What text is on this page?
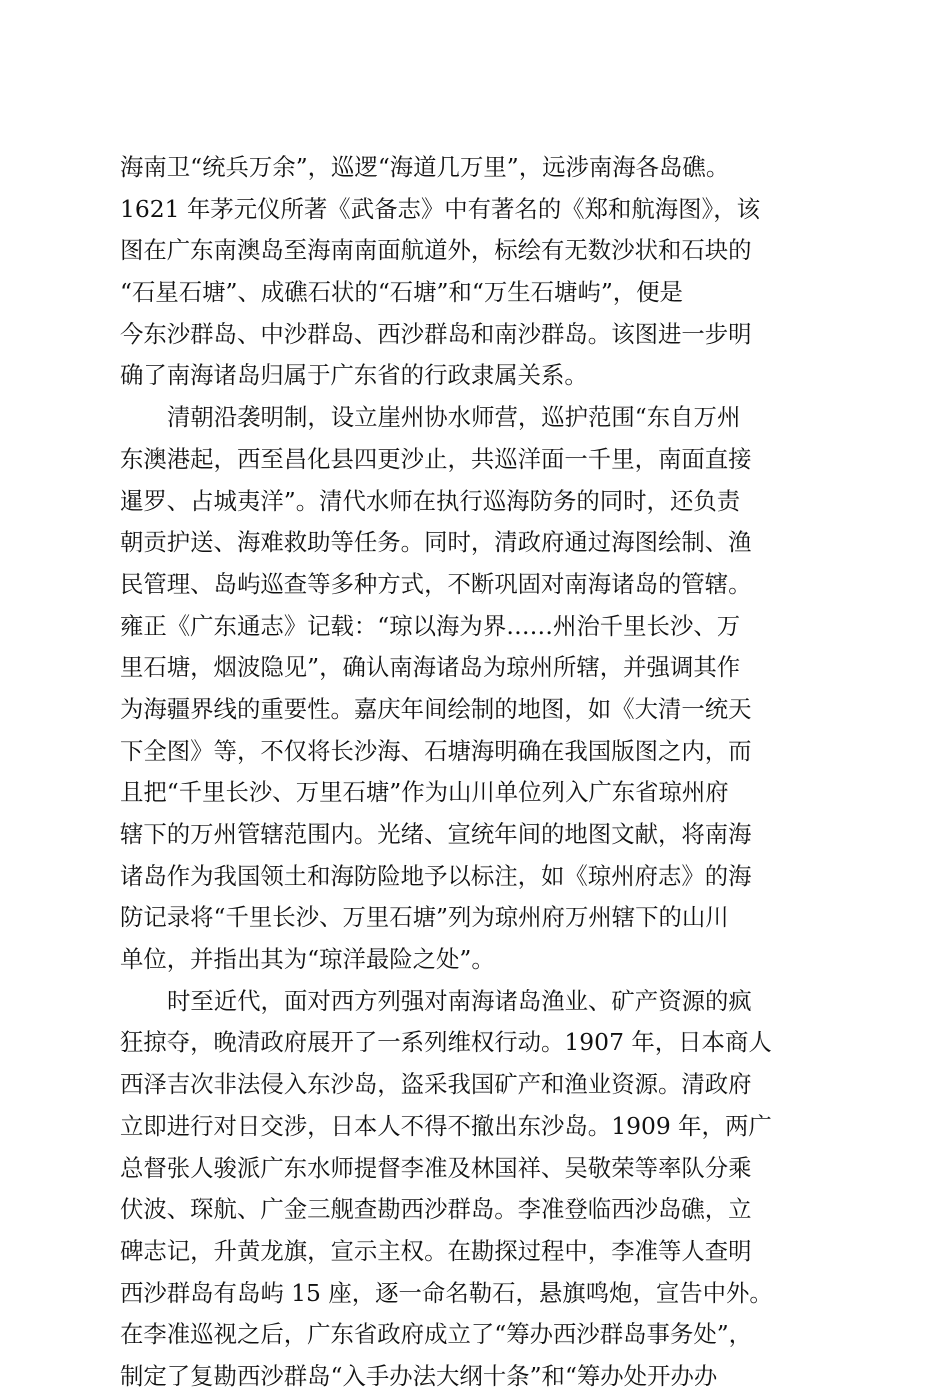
海南卫“统兵万余”，巡逻“海道几万里”，远涉南海各岛礁。
1621 年茅元仪所著《武备志》中有著名的《郑和航海图》，该
图在广东南澳岛至海南南面航道外，标绘有无数沙状和石块的
“石星石塘”、成礁石状的“石塘”和“万生石塘屿”，便是
今东沙群岛、中沙群岛、西沙群岛和南沙群岛。该图进一步明
确了南海诸岛归属于广东省的行政隶属关系。
清朝沿袭明制，设立崖州协水师营，巡护范围“东自万州
东澳港起，西至昌化县四更沙止，共巡洋面一千里，南面直接
暹罗、占城夷洋”。清代水师在执行巡海防务的同时，还负责
朝贡护送、海难救助等任务。同时，清政府通过海图绘制、渔
民管理、岛屿巡查等多种方式，不断巩固对南海诸岛的管辖。
雍正《广东通志》记载：“琼以海为界……州治千里长沙、万
里石塘，烟波隐见”，确认南海诸岛为琼州所辖，并强调其作
为海疆界线的重要性。嘉庆年间绘制的地图，如《大清一统天
下全图》等，不仅将长沙海、石塘海明确在我国版图之内，而
且把“千里长沙、万里石塘”作为山川单位列入广东省琼州府
辖下的万州管辖范围内。光绪、宣统年间的地图文献，将南海
诸岛作为我国领土和海防险地予以标注，如《琼州府志》的海
防记录将“千里长沙、万里石塘”列为琼州府万州辖下的山川
单位，并指出其为“琼洋最险之处”。
时至近代，面对西方列强对南海诸岛渔业、矿产资源的疯
狂掠夺，晚清政府展开了一系列维权行动。1907 年，日本商人
西泽吉次非法侵入东沙岛，盗采我国矿产和渔业资源。清政府
立即进行对日交涉，日本人不得不撤出东沙岛。1909 年，两广
总督张人骏派广东水师提督李准及林国祥、吴敬荣等率队分乘
伏波、琛航、广金三舰查勘西沙群岛。李准登临西沙岛礁，立
碑志记，升黄龙旗，宣示主权。在勘探过程中，李准等人查明
西沙群岛有岛屿 15 座，逐一命名勒石，悬旗鸣炮，宣告中外。
在李准巡视之后，广东省政府成立了“筹办西沙群岛事务处”，
制定了复勘西沙群岛“入手办法大纲十条”和“筹办处开办办
